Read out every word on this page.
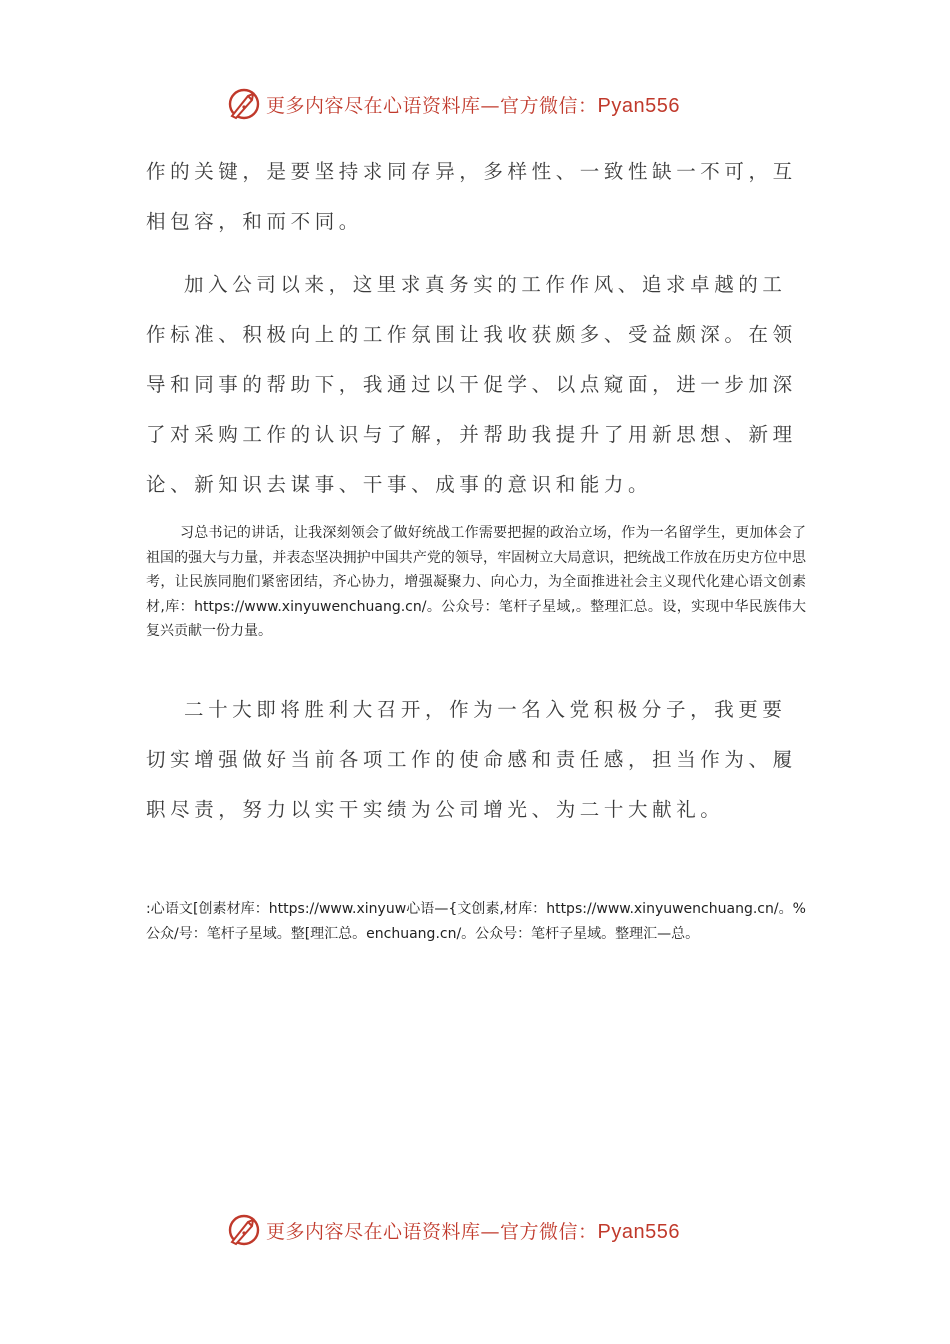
更多内容尽在心语资料库—官方微信：Pyan556

作的关键，是要坚持求同存异，多样性、一致性缺一不可，互相包容，和而不同。

加入公司以来，这里求真务实的工作作风、追求卓越的工作标准、积极向上的工作氛围让我收获颇多、受益颇深。在领导和同事的帮助下，我通过以干促学、以点窥面，进一步加深了对采购工作的认识与了解，并帮助我提升了用新思想、新理论、新知识去谋事、干事、成事的意识和能力。

习总书记的讲话，让我深刻领会了做好统战工作需要把握的政治立场，作为一名留学生，更加体会了祖国的强大与力量，并表态坚决拥护中国共产党的领导，牢固树立大局意识，把统战工作放在历史方位中思考，让民族同胞们紧密团结，齐心协力，增强凝聚力、向心力，为全面推进社会主义现代化建心语文创素材,库：https://www.xinyuwenchuang.cn/。公众号：笔杆子星域,。整理汇总。设，实现中华民族伟大复兴贡献一份力量。

二十大即将胜利大召开，作为一名入党积极分子，我更要切实增强做好当前各项工作的使命感和责任感，担当作为、履职尽责，努力以实干实绩为公司增光、为二十大献礼。

:心语文[创素材库：https://www.xinyuw心语—{文创素,材库：https://www.xinyuwenchuang.cn/。%公众/号：笔杆子星域。整[理汇总。enchuang.cn/。公众号：笔杆子星域。整理汇—总。

更多内容尽在心语资料库—官方微信：Pyan556
